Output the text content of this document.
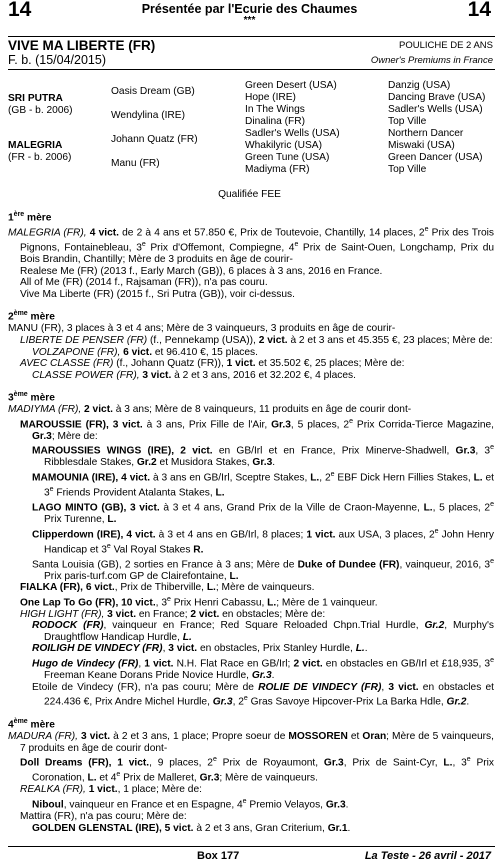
14	14
Présentée par l'Ecurie des Chaumes
***
VIVE MA LIBERTE (FR)
F. b. (15/04/2015)
POULICHE DE 2 ANS
Owner's Premiums in France
SRI PUTRA
(GB - b. 2006)
MALEGRIA
(FR - b. 2006)
Oasis Dream (GB)
Wendylina (IRE)
Johann Quatz (FR)
Manu (FR)
Green Desert (USA)
Hope (IRE)
In The Wings
Dinalina (FR)
Sadler's Wells (USA)
Whakilyric (USA)
Green Tune (USA)
Madiyma (FR)
Danzig (USA)
Dancing Brave (USA)
Sadler's Wells (USA)
Top Ville
Northern Dancer
Miswaki (USA)
Green Dancer (USA)
Top Ville
Qualifiée FEE

1ère mère

MALEGRIA (FR), 4 vict. de 2 à 4 ans et 57.850 €, Prix de Toutevoie, Chantilly, 14 places, 2e Prix des Trois Pignons, Fontainebleau, 3e Prix d'Offemont, Compiegne, 4e Prix de Saint-Ouen, Longchamp, Prix du Bois Brandin, Chantilly; Mère de 3 produits en âge de courir-

Realese Me (FR) (2013 f., Early March (GB)), 6 places à 3 ans, 2016 en France.

All of Me (FR) (2014 f., Rajsaman (FR)), n'a pas couru.

Vive Ma Liberte (FR) (2015 f., Sri Putra (GB)), voir ci-dessus.

2ème mère

MANU (FR), 3 places à 3 et 4 ans; Mère de 3 vainqueurs, 3 produits en âge de courir-

LIBERTE DE PENSER (FR) (f., Pennekamp (USA)), 2 vict. à 2 et 3 ans et 45.355 €, 23 places; Mère de:

VOLZAPONE (FR), 6 vict. et 96.410 €, 15 places.

AVEC CLASSE (FR) (f., Johann Quatz (FR)), 1 vict. et 35.502 €, 25 places; Mère de:

CLASSE POWER (FR), 3 vict. à 2 et 3 ans, 2016 et 32.202 €, 4 places.

3ème mère

MADIYMA (FR), 2 vict. à 3 ans; Mère de 8 vainqueurs, 11 produits en âge de courir dont-

MAROUSSIE (FR), 3 vict. à 3 ans, Prix Fille de l'Air, Gr.3, 5 places, 2e Prix Corrida-Tierce Magazine, Gr.3; Mère de:

MAROUSSIES WINGS (IRE), 2 vict. en GB/Irl et en France, Prix Minerve-Shadwell, Gr.3, 3e Ribblesdale Stakes, Gr.2 et Musidora Stakes, Gr.3.

MAMOUNIA (IRE), 4 vict. à 3 ans en GB/Irl, Sceptre Stakes, L., 2e EBF Dick Hern Fillies Stakes, L. et 3e Friends Provident Atalanta Stakes, L.

LAGO MINTO (GB), 3 vict. à 3 et 4 ans, Grand Prix de la Ville de Craon-Mayenne, L., 5 places, 2e Prix Turenne, L.

Clipperdown (IRE), 4 vict. à 3 et 4 ans en GB/Irl, 8 places; 1 vict. aux USA, 3 places, 2e John Henry Handicap et 3e Val Royal Stakes R.

Santa Louisia (GB), 2 sorties en France à 3 ans; Mère de Duke of Dundee (FR), vainqueur, 2016, 3e Prix paris-turf.com GP de Clairefontaine, L.

FIALKA (FR), 6 vict., Prix de Thiberville, L.; Mère de vainqueurs.

One Lap To Go (FR), 10 vict., 3e Prix Henri Cabassu, L.; Mère de 1 vainqueur.

HIGH LIGHT (FR), 3 vict. en France; 2 vict. en obstacles; Mère de:

RODOCK (FR), vainqueur en France; Red Square Reloaded Chpn.Trial Hurdle, Gr.2, Murphy's Draughtflow Handicap Hurdle, L.

ROILIGH DE VINDECY (FR), 3 vict. en obstacles, Prix Stanley Hurdle, L..

Hugo de Vindecy (FR), 1 vict. N.H. Flat Race en GB/Irl; 2 vict. en obstacles en GB/Irl et £18,935, 3e Freeman Keane Dorans Pride Novice Hurdle, Gr.3.

Etoile de Vindecy (FR), n'a pas couru; Mère de ROLIE DE VINDECY (FR), 3 vict. en obstacles et 224.436 €, Prix Andre Michel Hurdle, Gr.3, 2e Gras Savoye Hipcover-Prix La Barka Hdle, Gr.2.

4ème mère

MADURA (FR), 3 vict. à 2 et 3 ans, 1 place; Propre soeur de MOSSOREN et Oran; Mère de 5 vainqueurs, 7 produits en âge de courir dont-

Doll Dreams (FR), 1 vict., 9 places, 2e Prix de Royaumont, Gr.3, Prix de Saint-Cyr, L., 3e Prix Coronation, L. et 4e Prix de Malleret, Gr.3; Mère de vainqueurs.

REALKA (FR), 1 vict., 1 place; Mère de:

Niboul, vainqueur en France et en Espagne, 4e Premio Velayos, Gr.3.

Mattira (FR), n'a pas couru; Mère de:

GOLDEN GLENSTAL (IRE), 5 vict. à 2 et 3 ans, Gran Criterium, Gr.1.

Box 177	La Teste - 26 avril - 2017
